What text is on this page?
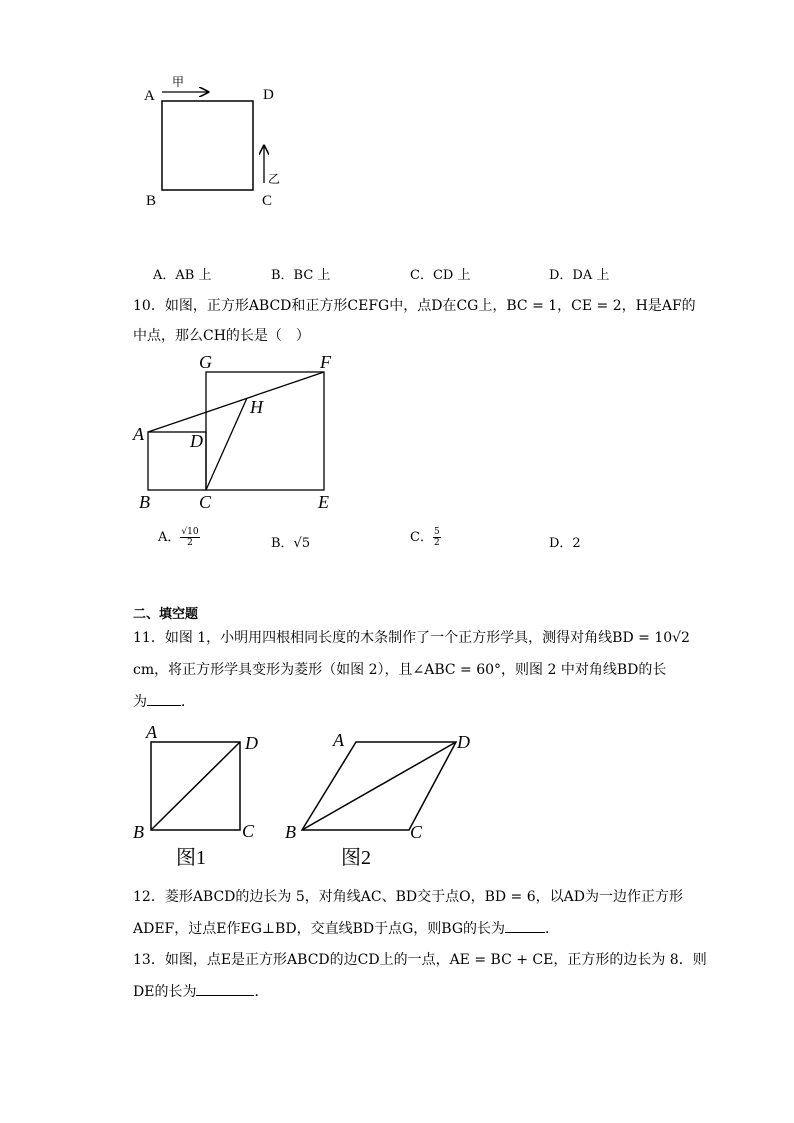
A	D
B	C
甲
乙
A．AB 上	B．BC 上	C．CD 上	D．DA 上
10．如图，正方形ABCD和正方形CEFG中，点D在CG上，BC = 1，CE = 2，H是AF的
中点，那么CH的长是（　）
G	F
H
A	D
B	C	E
A． $\frac{√10}{2}$	B．√5	C． $\frac{5}{2}$	D．2
二、填空题
11．如图 1，小明用四根相同长度的木条制作了一个正方形学具，测得对角线BD = 10√2
cm，将正方形学具变形为菱形（如图 2），且∠ABC = 60°，则图 2 中对角线BD的长
为 ．
A
D
B	C
图1
A	D
B	C
图2
12．菱形ABCD的边长为 5，对角线AC、BD交于点O，BD = 6，以AD为一边作正方形
ADEF，过点E作EG⊥BD，交直线BD于点G，则BG的长为	．
13．如图，点E是正方形ABCD的边CD上的一点，AE = BC + CE，正方形的边长为 8．则
DE的长为	．
